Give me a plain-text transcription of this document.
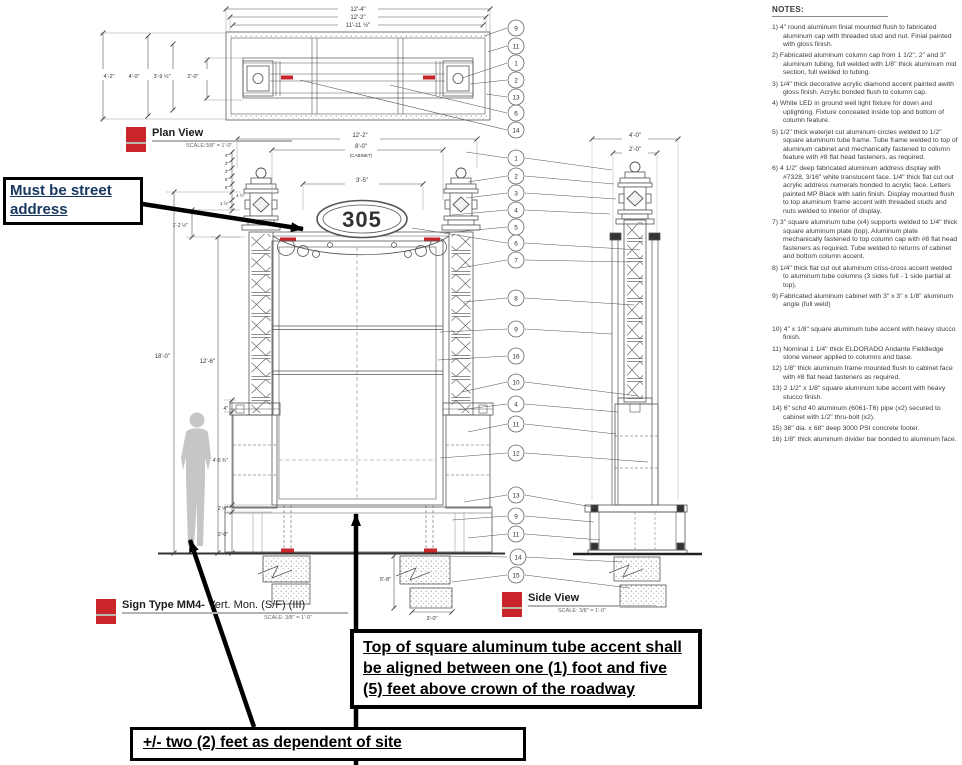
12'-4"
12'-2"
11'-11 ½"
4'-2"	4'-0"	3'-9 ½"	2'-0"
12'-2"
8'-0"
(CABINET)
3'-5"
18'-0"
12'-6"
1'-2 ½"
4"
3"
3"
5"
6"
4 ½"
1 ½"
4"
4'-5 ¾"
2 ½"
2'-0"
5'-8"
3'-0"
305
4'-0"
2'-0"
1
2
3
4
5
6
7
8
9
16
10
4
11
12
13
9
11
14
15
9
11
1
2
13
6
14
NOTES:
1) 4" round aluminum finial mounted flush to fabricated aluminum cap with threaded stud and nut. Finial painted with gloss finish.
2) Fabricated aluminum column cap from 1 1/2", 2" and 3" aluminum tubing, full welded with 1/8" thick aluminum mid section, full welded to tubing.
3) 1/4" thick decorative acrylic diamond accent painted awith gloss finish. Acrylic bonded flush to column cap.
4) White LED in ground well light fixture for down and uplighting. Fixture concealed inside top and bottom of column feature.
5) 1/2" thick waterjet cut aluminum circles welded to 1/2" square aluminum tube frame. Tube frame welded to top of aluminum cabinet and mechanically fastened to column feature with #8 flat head fasteners, as required.
6) 4 1/2" deep fabricated aluminum address display with #7328, 3/16" white translucent face. 1/4" thick flat cut out acrylic address numerals bonded to acrylic face. Letters painted MP Black with satin finish. Display mounted flush to top aluminum frame accent with threaded studs and nuts welded to interior of display.
7) 3" square aluminum tube (x4) supports welded to 1/4" thick square aluminum plate (top). Aluminum plate mechanically fastened to top column cap with #8 flat head fasteners as required. Tube welded to returns of cabinet and bottom column accent.
8) 1/4" thick flat cut out aluminum criss-cross accent welded to aluminum tube columns (3 sides full - 1 side partial at top).
9) Fabricated aluminum cabinet with 3" x 3" x 1/8" aluminum angle (full weld)
10) 4" x 1/8" square aluminum tube accent with heavy stucco finish.
11) Nominal 1 1/4" thick ELDORADO Andante Fieldledge stone veneer applied to columns and base.
12) 1/8" thick aluminum frame mounted flush to cabinet face with #8 flat head fasteners as required.
13) 2 1/2" x 1/8" square aluminum tube accent with heavy stucco finish.
14) 6" schd 40 aluminum (6061-T6) pipe (x2) secured to cabinet with 1/2" thru-bolt (x2).
15) 36" dia. x 68" deep 3000 PSI concrete footer.
16) 1/8" thick aluminum divider bar bonded to aluminum face.
Plan View
SCALE:3/8" = 1'-0"
Sign Type MM4- Vert. Mon. (S/F) (III)
SCALE: 3/8" = 1'-0"
Side View
SCALE: 3/8" = 1'-0"
Must be street address
Top of square aluminum tube accent shall be aligned between one (1) foot and five (5) feet above crown of the roadway
+/- two (2) feet as dependent of site
